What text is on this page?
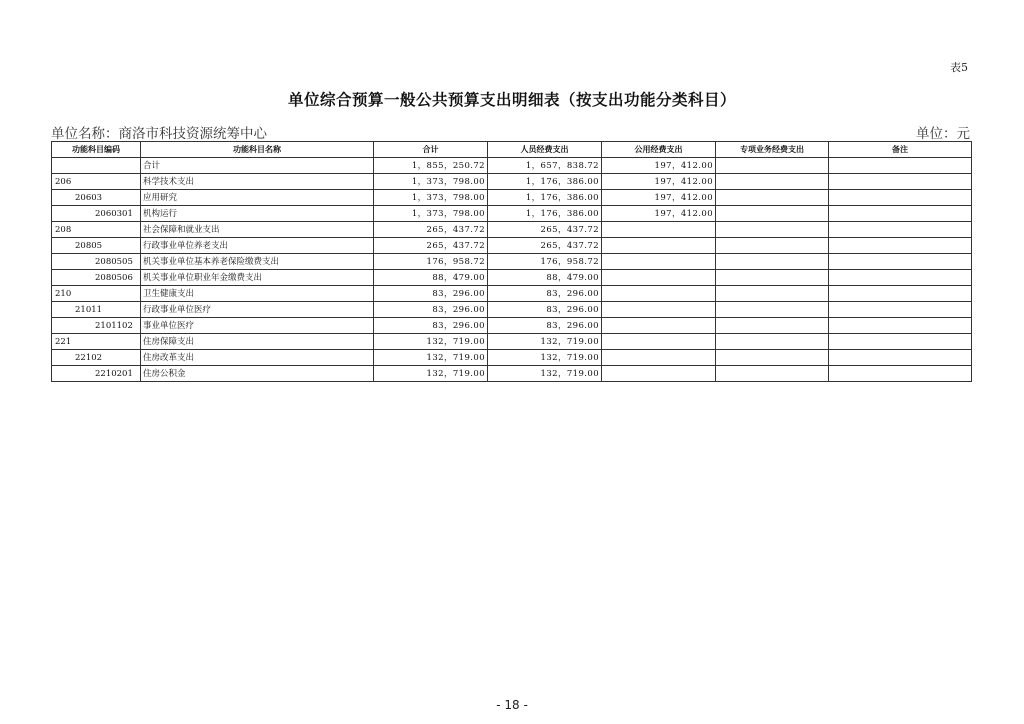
表5
单位综合预算一般公共预算支出明细表（按支出功能分类科目）
单位名称：商洛市科技资源统筹中心	单位：元
功能科目编码	功能科目名称	合计	人员经费支出	公用经费支出	专项业务经费支出	备注
	合计	1，855，250.72	1，657，838.72	197，412.00		
206	科学技术支出	1，373，798.00	1，176，386.00	197，412.00		
20603	应用研究	1，373，798.00	1，176，386.00	197，412.00		
2060301	机构运行	1，373，798.00	1，176，386.00	197，412.00		
208	社会保障和就业支出	265，437.72	265，437.72			
20805	行政事业单位养老支出	265，437.72	265，437.72			
2080505	机关事业单位基本养老保险缴费支出	176，958.72	176，958.72			
2080506	机关事业单位职业年金缴费支出	88，479.00	88，479.00			
210	卫生健康支出	83，296.00	83，296.00			
21011	行政事业单位医疗	83，296.00	83，296.00			
2101102	事业单位医疗	83，296.00	83，296.00			
221	住房保障支出	132，719.00	132，719.00			
22102	住房改革支出	132，719.00	132，719.00			
2210201	住房公积金	132，719.00	132，719.00			
- 18 -
